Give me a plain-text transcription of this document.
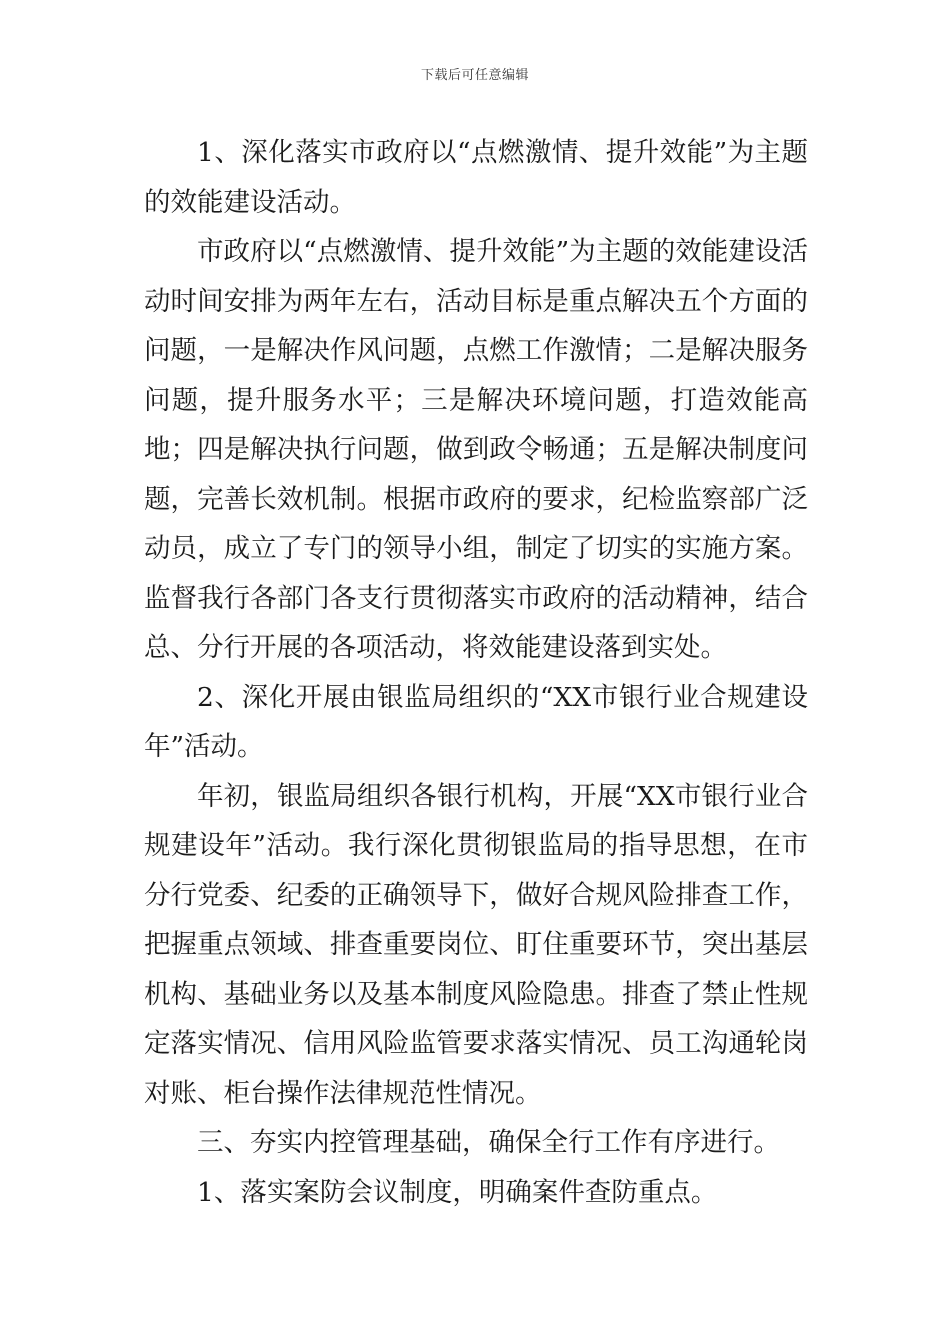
下载后可任意编辑

1、深化落实市政府以“点燃激情、提升效能”为主题的效能建设活动。

市政府以“点燃激情、提升效能”为主题的效能建设活动时间安排为两年左右，活动目标是重点解决五个方面的问题，一是解决作风问题，点燃工作激情；二是解决服务问题，提升服务水平；三是解决环境问题，打造效能高地；四是解决执行问题，做到政令畅通；五是解决制度问题，完善长效机制。根据市政府的要求，纪检监察部广泛动员，成立了专门的领导小组，制定了切实的实施方案。监督我行各部门各支行贯彻落实市政府的活动精神，结合总、分行开展的各项活动，将效能建设落到实处。

2、深化开展由银监局组织的“XX市银行业合规建设年”活动。

年初，银监局组织各银行机构，开展“XX市银行业合规建设年”活动。我行深化贯彻银监局的指导思想，在市分行党委、纪委的正确领导下，做好合规风险排查工作，把握重点领域、排查重要岗位、盯住重要环节，突出基层机构、基础业务以及基本制度风险隐患。排查了禁止性规定落实情况、信用风险监管要求落实情况、员工沟通轮岗对账、柜台操作法律规范性情况。

三、夯实内控管理基础，确保全行工作有序进行。

1、落实案防会议制度，明确案件查防重点。
